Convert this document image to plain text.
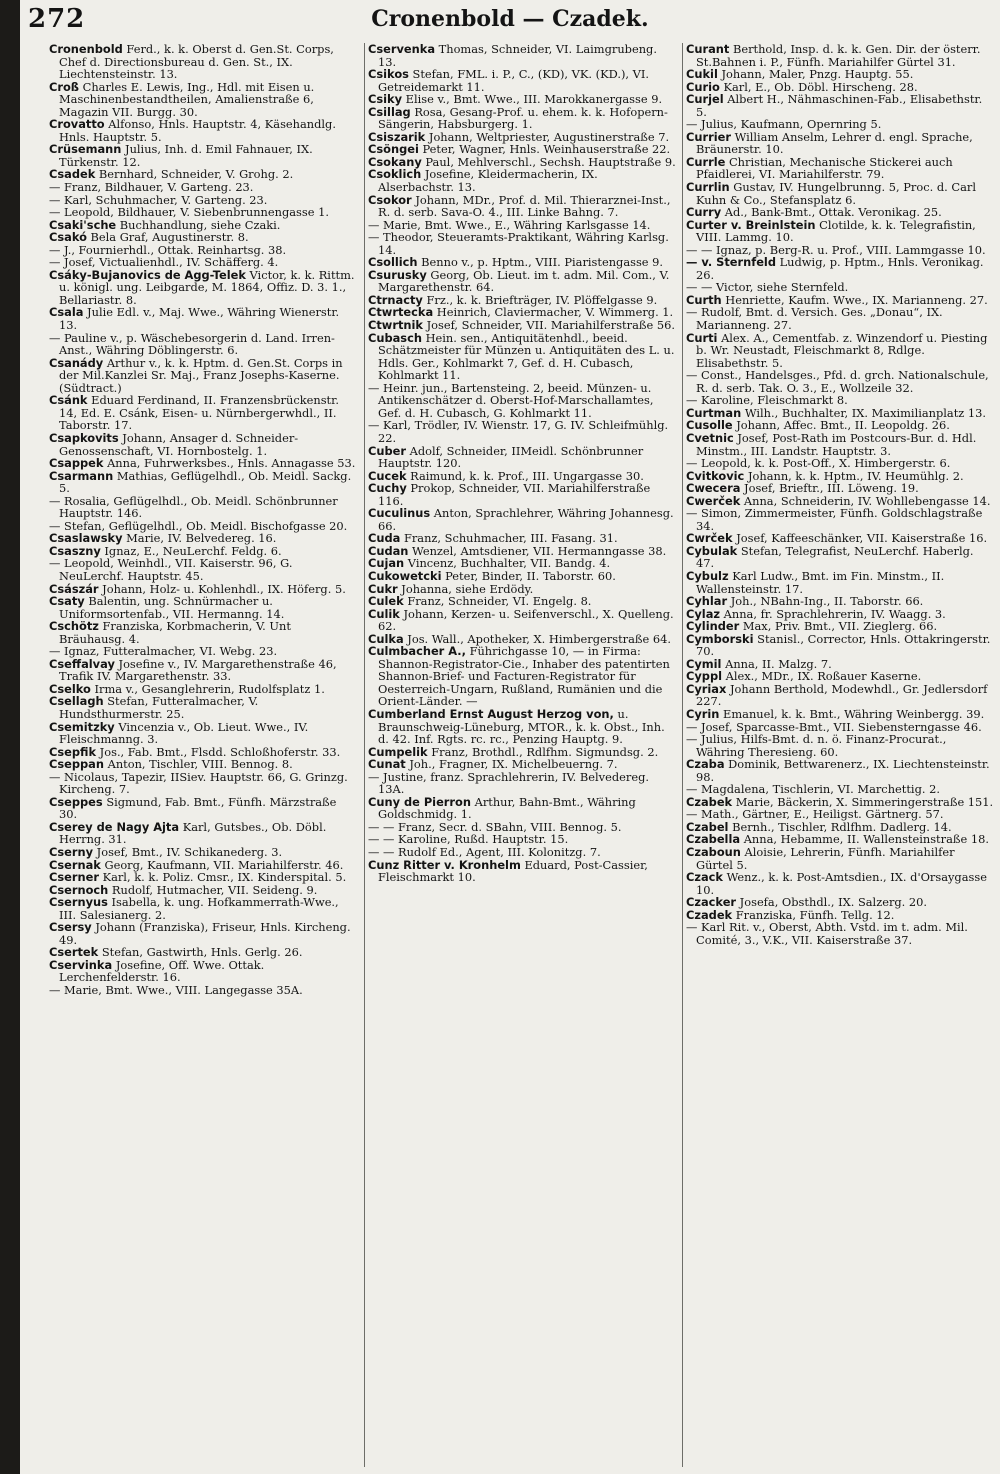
272	Cronenbold — Czadek.

Cronenbold Ferd., k. k. Oberst d. Gen.St. Corps, Chef d. Directionsbureau d. Gen. St., IX. Liechtensteinstr. 13.

Croß Charles E. Lewis, Ing., Hdl. mit Eisen u. Maschinenbestandtheilen, Amalienstraße 6, Magazin VII. Burgg. 30.

Crovatto Alfonso, Hnls. Hauptstr. 4, Käsehandlg. Hnls. Hauptstr. 5.

Crüsemann Julius, Inh. d. Emil Fahnauer, IX. Türkenstr. 12.

Csadek Bernhard, Schneider, V. Grohg. 2.

— Franz, Bildhauer, V. Garteng. 23.

— Karl, Schuhmacher, V. Garteng. 23.

— Leopold, Bildhauer, V. Siebenbrunnengasse 1.

Csaki'sche Buchhandlung, siehe Czaki.

Csakó Bela Graf, Augustinerstr. 8.

— J., Fournierhdl., Ottak. Reinhartsg. 38.

— Josef, Victualienhdl., IV. Schäfferg. 4.

Csáky-Bujanovics de Agg-Telek Victor, k. k. Rittm. u. königl. ung. Leibgarde, M. 1864, Offiz. D. 3. 1., Bellariastr. 8.

Csala Julie Edl. v., Maj. Wwe., Währing Wienerstr. 13.

— Pauline v., p. Wäschebesorgerin d. Land. Irren-Anst., Währing Döblingerstr. 6.

Csanády Arthur v., k. k. Hptm. d. Gen.St. Corps in der Mil.Kanzlei Sr. Maj., Franz Josephs-Kaserne. (Südtract.)

Csánk Eduard Ferdinand, II. Franzensbrückenstr. 14, Ed. E. Csánk, Eisen- u. Nürnbergerwhdl., II. Taborstr. 17.

Csapkovits Johann, Ansager d. Schneider-Genossenschaft, VI. Hornbostelg. 1.

Csappek Anna, Fuhrwerksbes., Hnls. Annagasse 53.

Csarmann Mathias, Geflügelhdl., Ob. Meidl. Sackg. 5.

— Rosalia, Geflügelhdl., Ob. Meidl. Schönbrunner Hauptstr. 146.

— Stefan, Geflügelhdl., Ob. Meidl. Bischofgasse 20.

Csaslawsky Marie, IV. Belvedereg. 16.

Csaszny Ignaz, E., NeuLerchf. Feldg. 6.

— Leopold, Weinhdl., VII. Kaiserstr. 96, G. NeuLerchf. Hauptstr. 45.

Császár Johann, Holz- u. Kohlenhdl., IX. Höferg. 5.

Csaty Balentin, ung. Schnürmacher u. Uniformsortenfab., VII. Hermanng. 14.

Cschötz Franziska, Korbmacherin, V. Unt Bräuhausg. 4.

— Ignaz, Futteralmacher, VI. Webg. 23.

Cseffalvay Josefine v., IV. Margarethenstraße 46, Trafik IV. Margarethenstr. 33.

Cselko Irma v., Gesanglehrerin, Rudolfsplatz 1.

Csellagh Stefan, Futteralmacher, V. Hundsthurmerstr. 25.

Csemitzky Vincenzia v., Ob. Lieut. Wwe., IV. Fleischmanng. 3.

Csepfik Jos., Fab. Bmt., Flsdd. Schloßhoferstr. 33.

Cseppan Anton, Tischler, VIII. Bennog. 8.

— Nicolaus, Tapezir, IISiev. Hauptstr. 66, G. Grinzg. Kircheng. 7.

Cseppes Sigmund, Fab. Bmt., Fünfh. Märzstraße 30.

Cserey de Nagy Ajta Karl, Gutsbes., Ob. Döbl. Herrng. 31.

Cserny Josef, Bmt., IV. Schikanederg. 3.

Csernak Georg, Kaufmann, VII. Mariahilferstr. 46.

Cserner Karl, k. k. Poliz. Cmsr., IX. Kinderspital. 5.

Csernoch Rudolf, Hutmacher, VII. Seideng. 9.

Csernyus Isabella, k. ung. Hofkammerrath-Wwe., III. Salesianerg. 2.

Csersy Johann (Franziska), Friseur, Hnls. Kircheng. 49.

Csertek Stefan, Gastwirth, Hnls. Gerlg. 26.

Cservinka Josefine, Off. Wwe. Ottak. Lerchenfelderstr. 16.

— Marie, Bmt. Wwe., VIII. Langegasse 35A.

Cservenka Thomas, Schneider, VI. Laimgrubeng. 13.

Csikos Stefan, FML. i. P., C., (KD), VK. (KD.), VI. Getreidemarkt 11.

Csiky Elise v., Bmt. Wwe., III. Marokkanergasse 9.

Csillag Rosa, Gesang-Prof. u. ehem. k. k. Hofopern-Sängerin, Habsburgerg. 1.

Csiszarik Johann, Weltpriester, Augustinerstraße 7.

Csöngei Peter, Wagner, Hnls. Weinhauserstraße 22.

Csokany Paul, Mehlverschl., Sechsh. Hauptstraße 9.

Csoklich Josefine, Kleidermacherin, IX. Alserbachstr. 13.

Csokor Johann, MDr., Prof. d. Mil. Thierarznei-Inst., R. d. serb. Sava-O. 4., III. Linke Bahng. 7.

— Marie, Bmt. Wwe., E., Währing Karlsgasse 14.

— Theodor, Steueramts-Praktikant, Währing Karlsg. 14.

Csollich Benno v., p. Hptm., VIII. Piaristengasse 9.

Csurusky Georg, Ob. Lieut. im t. adm. Mil. Com., V. Margarethenstr. 64.

Ctrnacty Frz., k. k. Briefträger, IV. Plöffelgasse 9.

Ctwrtecka Heinrich, Claviermacher, V. Wimmerg. 1.

Ctwrtnik Josef, Schneider, VII. Mariahilferstraße 56.

Cubasch Hein. sen., Antiquitätenhdl., beeid. Schätzmeister für Münzen u. Antiquitäten des L. u. Hdls. Ger., Kohlmarkt 7, Gef. d. H. Cubasch, Kohlmarkt 11.

— Heinr. jun., Bartensteing. 2, beeid. Münzen- u. Antikenschätzer d. Oberst-Hof-Marschallamtes, Gef. d. H. Cubasch, G. Kohlmarkt 11.

— Karl, Trödler, IV. Wienstr. 17, G. IV. Schleifmühlg. 22.

Cuber Adolf, Schneider, IIMeidl. Schönbrunner Hauptstr. 120.

Cucek Raimund, k. k. Prof., III. Ungargasse 30.

Cuchy Prokop, Schneider, VII. Mariahilferstraße 116.

Cuculinus Anton, Sprachlehrer, Währing Johannesg. 66.

Cuda Franz, Schuhmacher, III. Fasang. 31.

Cudan Wenzel, Amtsdiener, VII. Hermanngasse 38.

Cujan Vincenz, Buchhalter, VII. Bandg. 4.

Cukowetcki Peter, Binder, II. Taborstr. 60.

Cukr Johanna, siehe Erdödy.

Culek Franz, Schneider, VI. Engelg. 8.

Culik Johann, Kerzen- u. Seifenverschl., X. Quelleng. 62.

Culka Jos. Wall., Apotheker, X. Himbergerstraße 64.

Culmbacher A., Führichgasse 10, — in Firma: Shannon-Registrator-Cie., Inhaber des patentirten Shannon-Brief- und Facturen-Registrator für Oesterreich-Ungarn, Rußland, Rumänien und die Orient-Länder. —

Cumberland Ernst August Herzog von, u. Braunschweig-Lüneburg, MTOR., k. k. Obst., Inh. d. 42. Inf. Rgts. rc. rc., Penzing Hauptg. 9.

Cumpelik Franz, Brothdl., Rdlfhm. Sigmundsg. 2.

Cunat Joh., Fragner, IX. Michelbeuerng. 7.

— Justine, franz. Sprachlehrerin, IV. Belvedereg. 13A.

Cuny de Pierron Arthur, Bahn-Bmt., Währing Goldschmidg. 1.

— — Franz, Secr. d. SBahn, VIII. Bennog. 5.

— — Karoline, Rußd. Hauptstr. 15.

— — Rudolf Ed., Agent, III. Kolonitzg. 7.

Cunz Ritter v. Kronhelm Eduard, Post-Cassier, Fleischmarkt 10.

Curant Berthold, Insp. d. k. k. Gen. Dir. der österr. St.Bahnen i. P., Fünfh. Mariahilfer Gürtel 31.

Cukil Johann, Maler, Pnzg. Hauptg. 55.

Curio Karl, E., Ob. Döbl. Hirscheng. 28.

Curjel Albert H., Nähmaschinen-Fab., Elisabethstr. 5.

— Julius, Kaufmann, Opernring 5.

Currier William Anselm, Lehrer d. engl. Sprache, Bräunerstr. 10.

Currle Christian, Mechanische Stickerei auch Pfaidlerei, VI. Mariahilferstr. 79.

Currlin Gustav, IV. Hungelbrunng. 5, Proc. d. Carl Kuhn & Co., Stefansplatz 6.

Curry Ad., Bank-Bmt., Ottak. Veronikag. 25.

Curter v. Breinlstein Clotilde, k. k. Telegrafistin, VIII. Lammg. 10.

— — Ignaz, p. Berg-R. u. Prof., VIII. Lammgasse 10.

— v. Sternfeld Ludwig, p. Hptm., Hnls. Veronikag. 26.

— — Victor, siehe Sternfeld.

Curth Henriette, Kaufm. Wwe., IX. Marianneng. 27.

— Rudolf, Bmt. d. Versich. Ges. „Donau“, IX. Marianneng. 27.

Curti Alex. A., Cementfab. z. Winzendorf u. Piesting b. Wr. Neustadt, Fleischmarkt 8, Rdlge. Elisabethstr. 5.

— Const., Handelsges., Pfd. d. grch. Nationalschule, R. d. serb. Tak. O. 3., E., Wollzeile 32.

— Karoline, Fleischmarkt 8.

Curtman Wilh., Buchhalter, IX. Maximilianplatz 13.

Cusolle Johann, Affec. Bmt., II. Leopoldg. 26.

Cvetnic Josef, Post-Rath im Postcours-Bur. d. Hdl. Minstm., III. Landstr. Hauptstr. 3.

— Leopold, k. k. Post-Off., X. Himbergerstr. 6.

Cvitkovic Johann, k. k. Hptm., IV. Heumühlg. 2.

Cwecera Josef, Brieftr., III. Löweng. 19.

Cwerček Anna, Schneiderin, IV. Wohllebengasse 14.

— Simon, Zimmermeister, Fünfh. Goldschlagstraße 34.

Cwrček Josef, Kaffeeschänker, VII. Kaiserstraße 16.

Cybulak Stefan, Telegrafist, NeuLerchf. Haberlg. 47.

Cybulz Karl Ludw., Bmt. im Fin. Minstm., II. Wallensteinstr. 17.

Cyhlar Joh., NBahn-Ing., II. Taborstr. 66.

Cylaz Anna, fr. Sprachlehrerin, IV. Waagg. 3.

Cylinder Max, Priv. Bmt., VII. Zieglerg. 66.

Cymborski Stanisl., Corrector, Hnls. Ottakringerstr. 70.

Cymil Anna, II. Malzg. 7.

Cyppl Alex., MDr., IX. Roßauer Kaserne.

Cyriax Johann Berthold, Modewhdl., Gr. Jedlersdorf 227.

Cyrin Emanuel, k. k. Bmt., Währing Weinbergg. 39.

— Josef, Sparcasse-Bmt., VII. Siebensterngasse 46.

— Julius, Hilfs-Bmt. d. n. ö. Finanz-Procurat., Währing Theresieng. 60.

Czaba Dominik, Bettwarenerz., IX. Liechtensteinstr. 98.

— Magdalena, Tischlerin, VI. Marchettig. 2.

Czabek Marie, Bäckerin, X. Simmeringerstraße 151.

— Math., Gärtner, E., Heiligst. Gärtnerg. 57.

Czabel Bernh., Tischler, Rdlfhm. Dadlerg. 14.

Czabella Anna, Hebamme, II. Wallensteinstraße 18.

Czaboun Aloisie, Lehrerin, Fünfh. Mariahilfer Gürtel 5.

Czack Wenz., k. k. Post-Amtsdien., IX. d'Orsaygasse 10.

Czacker Josefa, Obsthdl., IX. Salzerg. 20.

Czadek Franziska, Fünfh. Tellg. 12.

— Karl Rit. v., Oberst, Abth. Vstd. im t. adm. Mil. Comité, 3., V.K., VII. Kaiserstraße 37.
